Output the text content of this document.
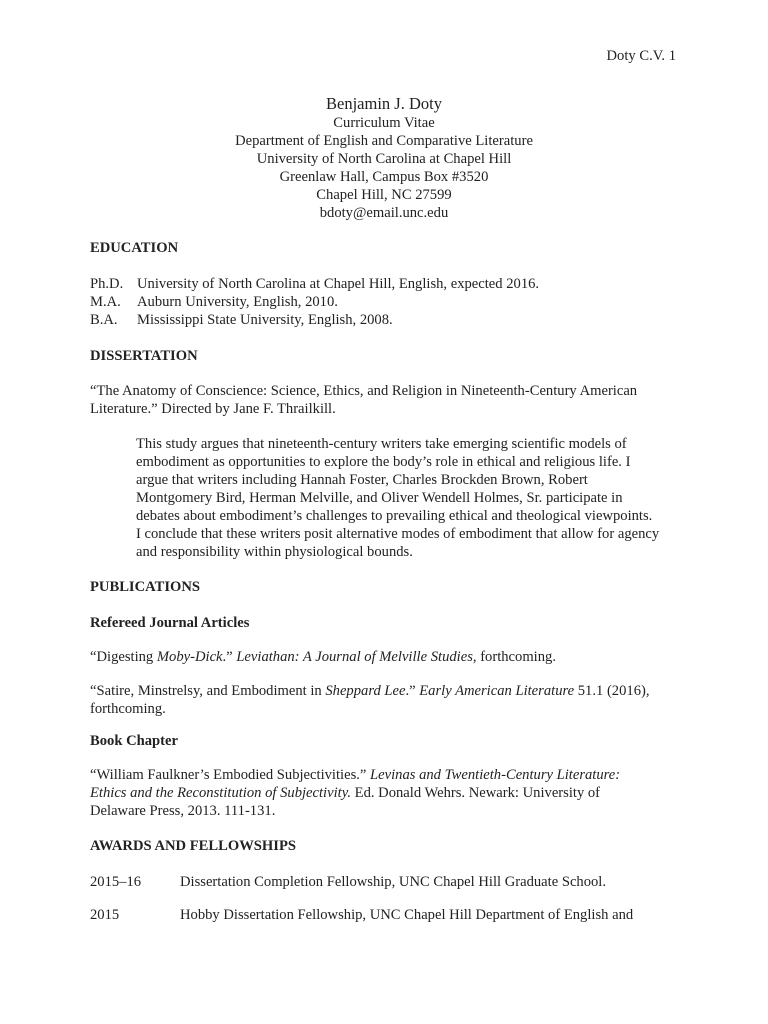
Doty C.V. 1
Benjamin J. Doty
Curriculum Vitae
Department of English and Comparative Literature
University of North Carolina at Chapel Hill
Greenlaw Hall, Campus Box #3520
Chapel Hill, NC 27599
bdoty@email.unc.edu
EDUCATION
Ph.D. University of North Carolina at Chapel Hill, English, expected 2016.
M.A. Auburn University, English, 2010.
B.A. Mississippi State University, English, 2008.
DISSERTATION
“The Anatomy of Conscience: Science, Ethics, and Religion in Nineteenth-Century American
Literature.” Directed by Jane F. Thrailkill.
This study argues that nineteenth-century writers take emerging scientific models of
embodiment as opportunities to explore the body’s role in ethical and religious life. I
argue that writers including Hannah Foster, Charles Brockden Brown, Robert
Montgomery Bird, Herman Melville, and Oliver Wendell Holmes, Sr. participate in
debates about embodiment’s challenges to prevailing ethical and theological viewpoints.
I conclude that these writers posit alternative modes of embodiment that allow for agency
and responsibility within physiological bounds.
PUBLICATIONS
Refereed Journal Articles
“Digesting Moby-Dick.” Leviathan: A Journal of Melville Studies, forthcoming.
“Satire, Minstrelsy, and Embodiment in Sheppard Lee.” Early American Literature 51.1 (2016),
forthcoming.
Book Chapter
“William Faulkner’s Embodied Subjectivities.” Levinas and Twentieth-Century Literature:
Ethics and the Reconstitution of Subjectivity. Ed. Donald Wehrs. Newark: University of
Delaware Press, 2013. 111-131.
AWARDS AND FELLOWSHIPS
2015–16	Dissertation Completion Fellowship, UNC Chapel Hill Graduate School.
2015	Hobby Dissertation Fellowship, UNC Chapel Hill Department of English and
